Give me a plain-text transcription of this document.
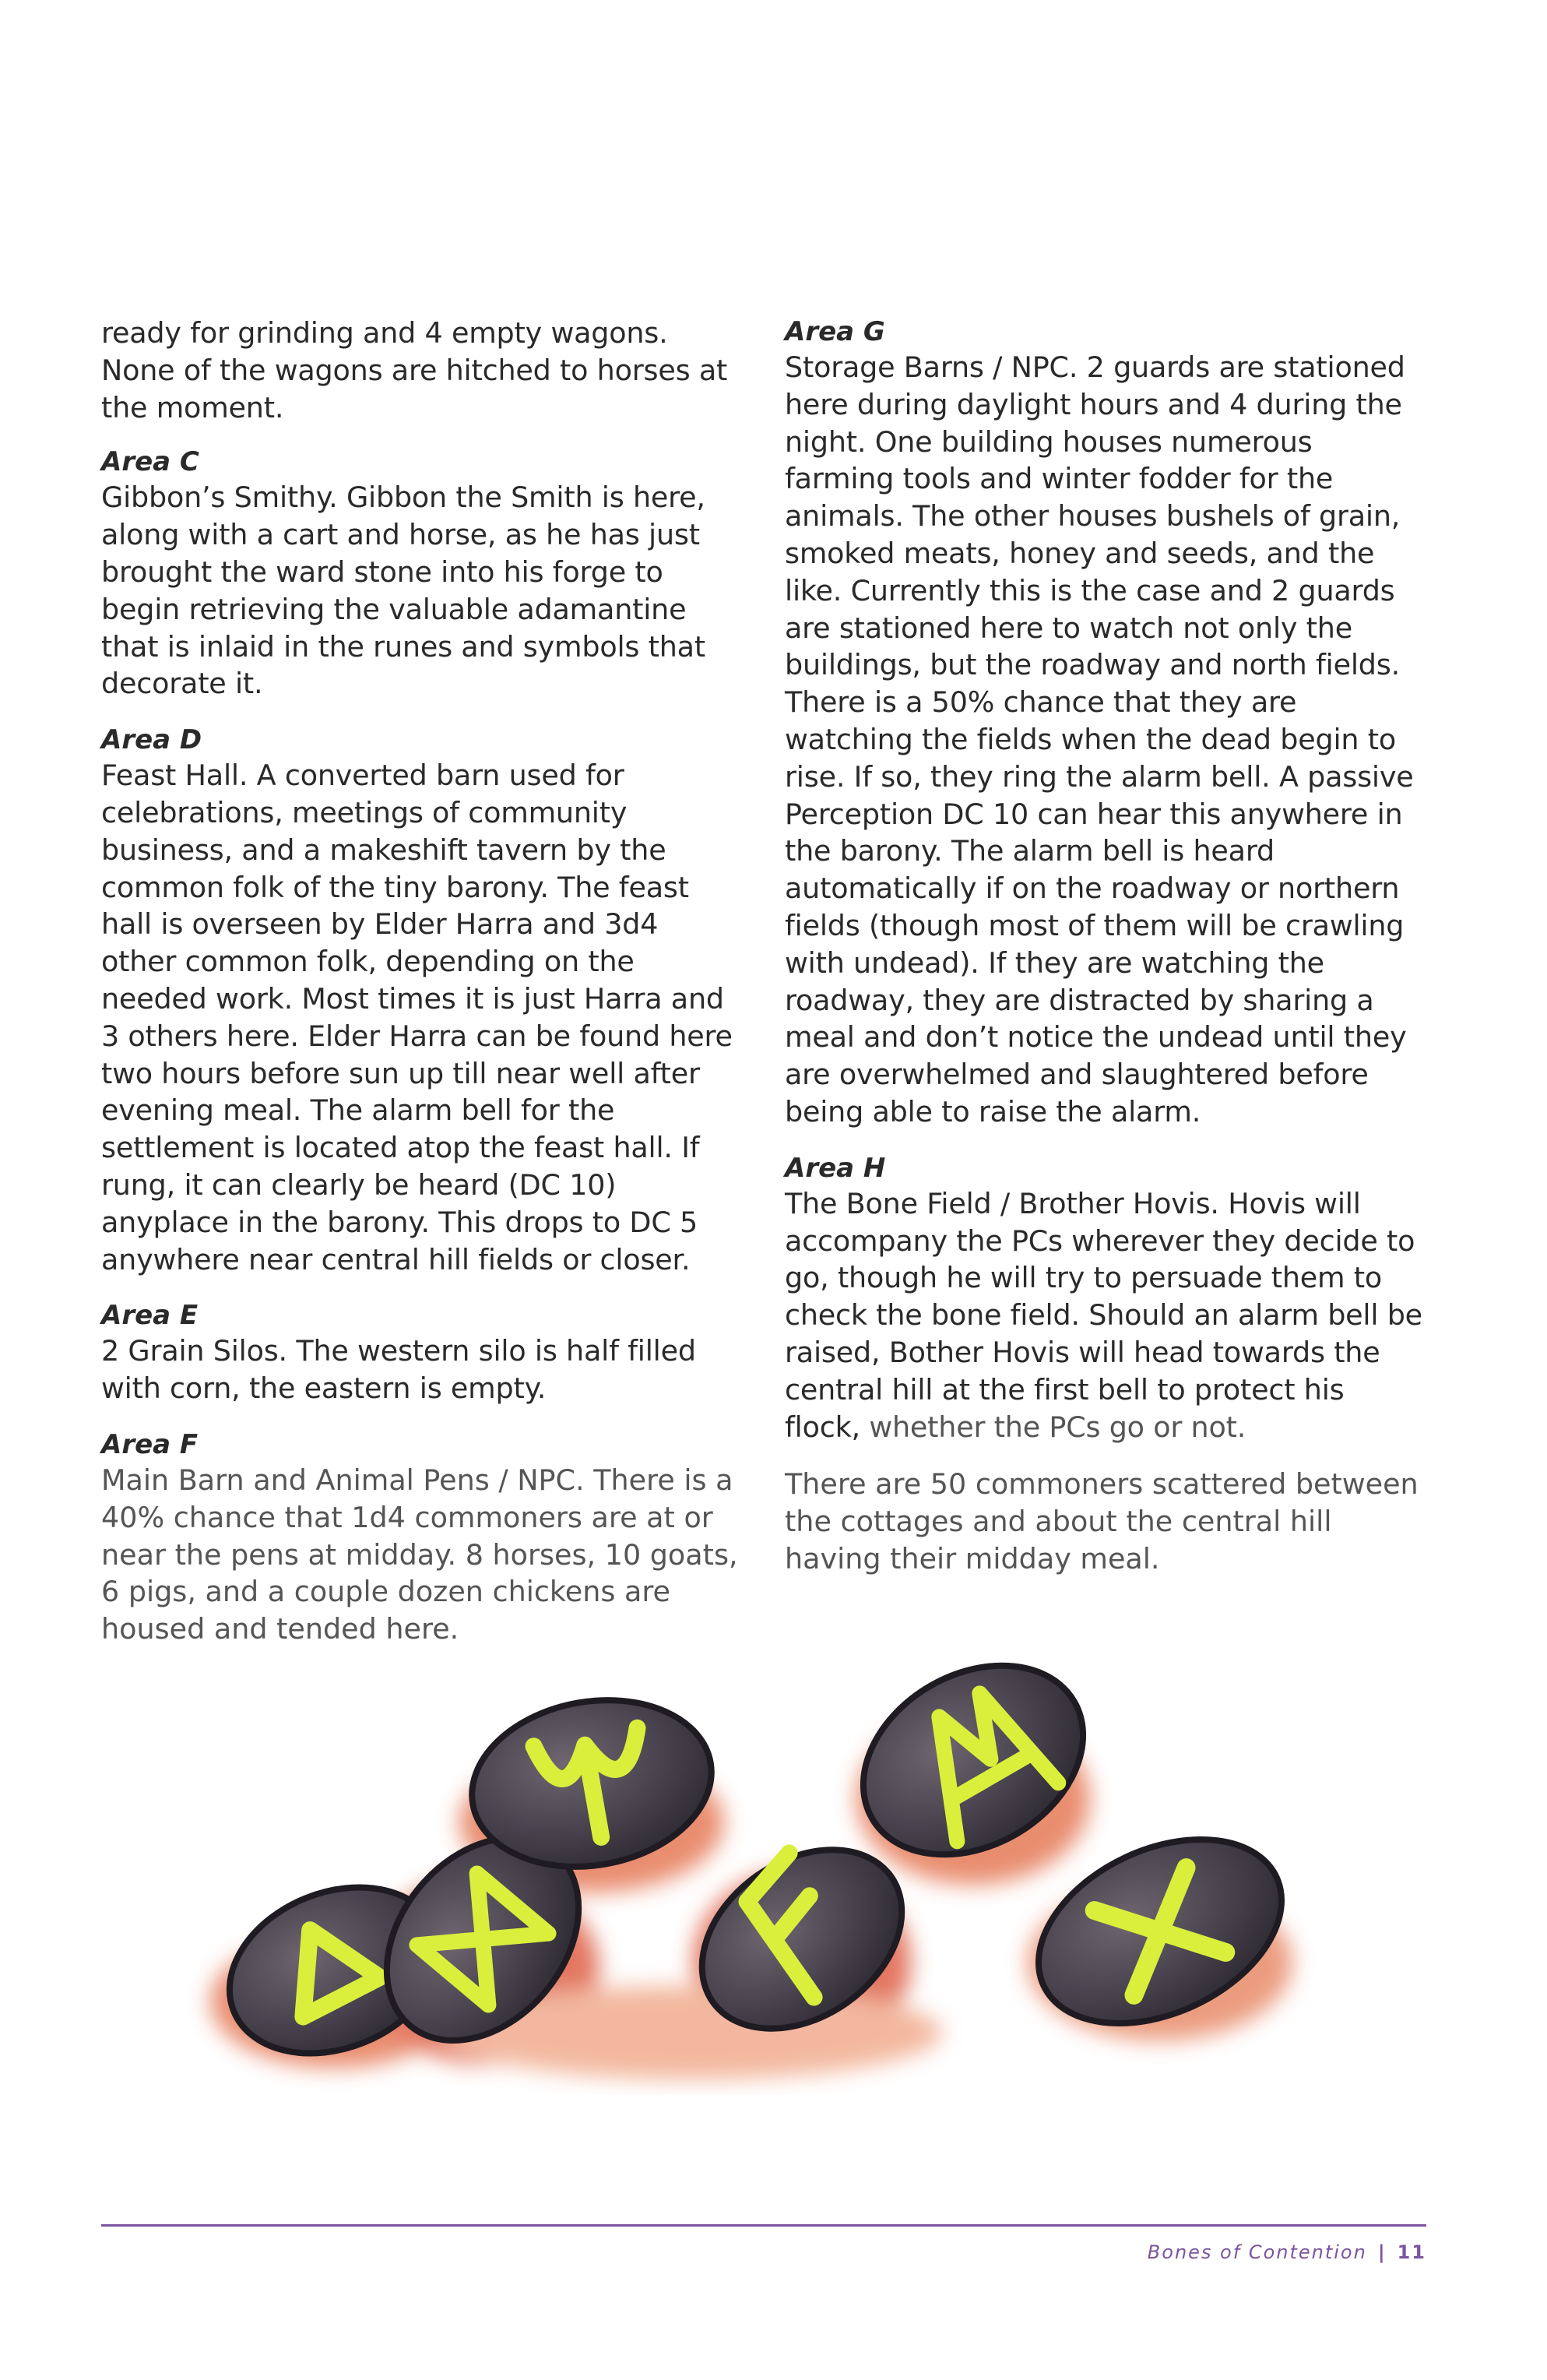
ready for grinding and 4 empty wagons. None of the wagons are hitched to horses at the moment.

Area C

Gibbon’s Smithy. Gibbon the Smith is here, along with a cart and horse, as he has just brought the ward stone into his forge to begin retrieving the valuable adamantine that is inlaid in the runes and symbols that decorate it.

Area D

Feast Hall. A converted barn used for celebrations, meetings of community business, and a makeshift tavern by the common folk of the tiny barony. The feast hall is overseen by Elder Harra and 3d4 other common folk, depending on the needed work. Most times it is just Harra and 3 others here. Elder Harra can be found here two hours before sun up till near well after evening meal. The alarm bell for the settlement is located atop the feast hall. If rung, it can clearly be heard (DC 10) anyplace in the barony. This drops to DC 5 anywhere near central hill fields or closer.

Area E

2 Grain Silos. The western silo is half filled with corn, the eastern is empty.

Area F

Main Barn and Animal Pens / NPC. There is a 40% chance that 1d4 commoners are at or near the pens at midday. 8 horses, 10 goats, 6 pigs, and a couple dozen chickens are housed and tended here.

Area G

Storage Barns / NPC. 2 guards are stationed here during daylight hours and 4 during the night. One building houses numerous farming tools and winter fodder for the animals. The other houses bushels of grain, smoked meats, honey and seeds, and the like. Currently this is the case and 2 guards are stationed here to watch not only the buildings, but the roadway and north fields. There is a 50% chance that they are watching the fields when the dead begin to rise. If so, they ring the alarm bell. A passive Perception DC 10 can hear this anywhere in the barony. The alarm bell is heard automatically if on the roadway or northern fields (though most of them will be crawling with undead). If they are watching the roadway, they are distracted by sharing a meal and don’t notice the undead until they are overwhelmed and slaughtered before being able to raise the alarm.

Area H

The Bone Field / Brother Hovis. Hovis will accompany the PCs wherever they decide to go, though he will try to persuade them to check the bone field. Should an alarm bell be raised, Bother Hovis will head towards the central hill at the first bell to protect his flock, whether the PCs go or not.

There are 50 commoners scattered between the cottages and about the central hill having their midday meal.

Bones of Contention | 11
